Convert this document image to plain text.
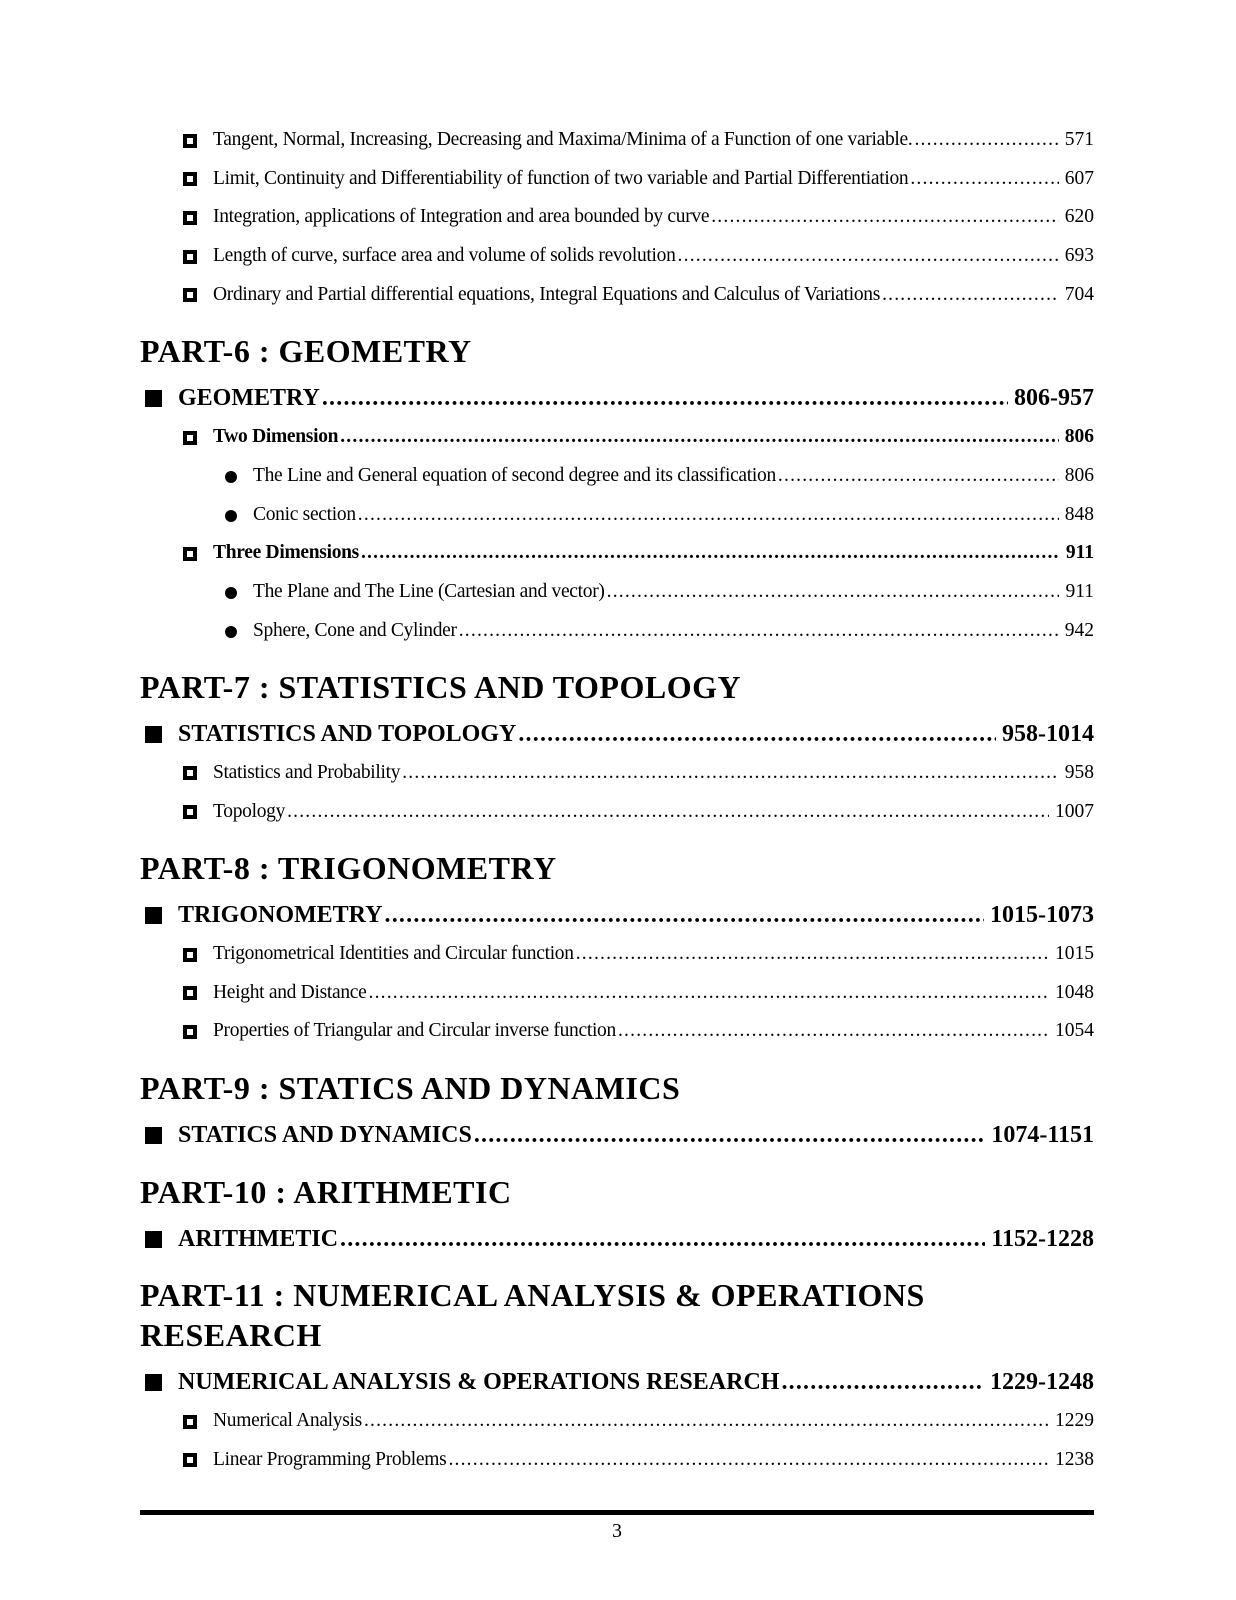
Tangent, Normal, Increasing, Decreasing and Maxima/Minima of a Function of one variable. .....	571
Limit, Continuity and Differentiability of function of two variable and Partial Differentiation .....	607
Integration, applications of Integration and area bounded by curve .....	620
Length of curve, surface area and volume of solids revolution .....	693
Ordinary and Partial differential equations, Integral Equations and Calculus of Variations .....	704
PART-6 : GEOMETRY
GEOMETRY .....	806-957
Two Dimension .....	806
The Line and General equation of second degree and its classification .....	806
Conic section .....	848
Three Dimensions .....	911
The Plane and The Line (Cartesian and vector) .....	911
Sphere, Cone and Cylinder .....	942
PART-7 : STATISTICS AND TOPOLOGY
STATISTICS AND TOPOLOGY .....	958-1014
Statistics and Probability .....	958
Topology .....	1007
PART-8 : TRIGONOMETRY
TRIGONOMETRY .....	1015-1073
Trigonometrical Identities and Circular function .....	1015
Height and Distance .....	1048
Properties of Triangular and Circular inverse function .....	1054
PART-9 : STATICS AND DYNAMICS
STATICS AND DYNAMICS .....	1074-1151
PART-10 : ARITHMETIC
ARITHMETIC .....	1152-1228
PART-11 : NUMERICAL ANALYSIS & OPERATIONS RESEARCH
NUMERICAL ANALYSIS & OPERATIONS RESEARCH .....	1229-1248
Numerical Analysis .....	1229
Linear Programming Problems .....	1238
3
